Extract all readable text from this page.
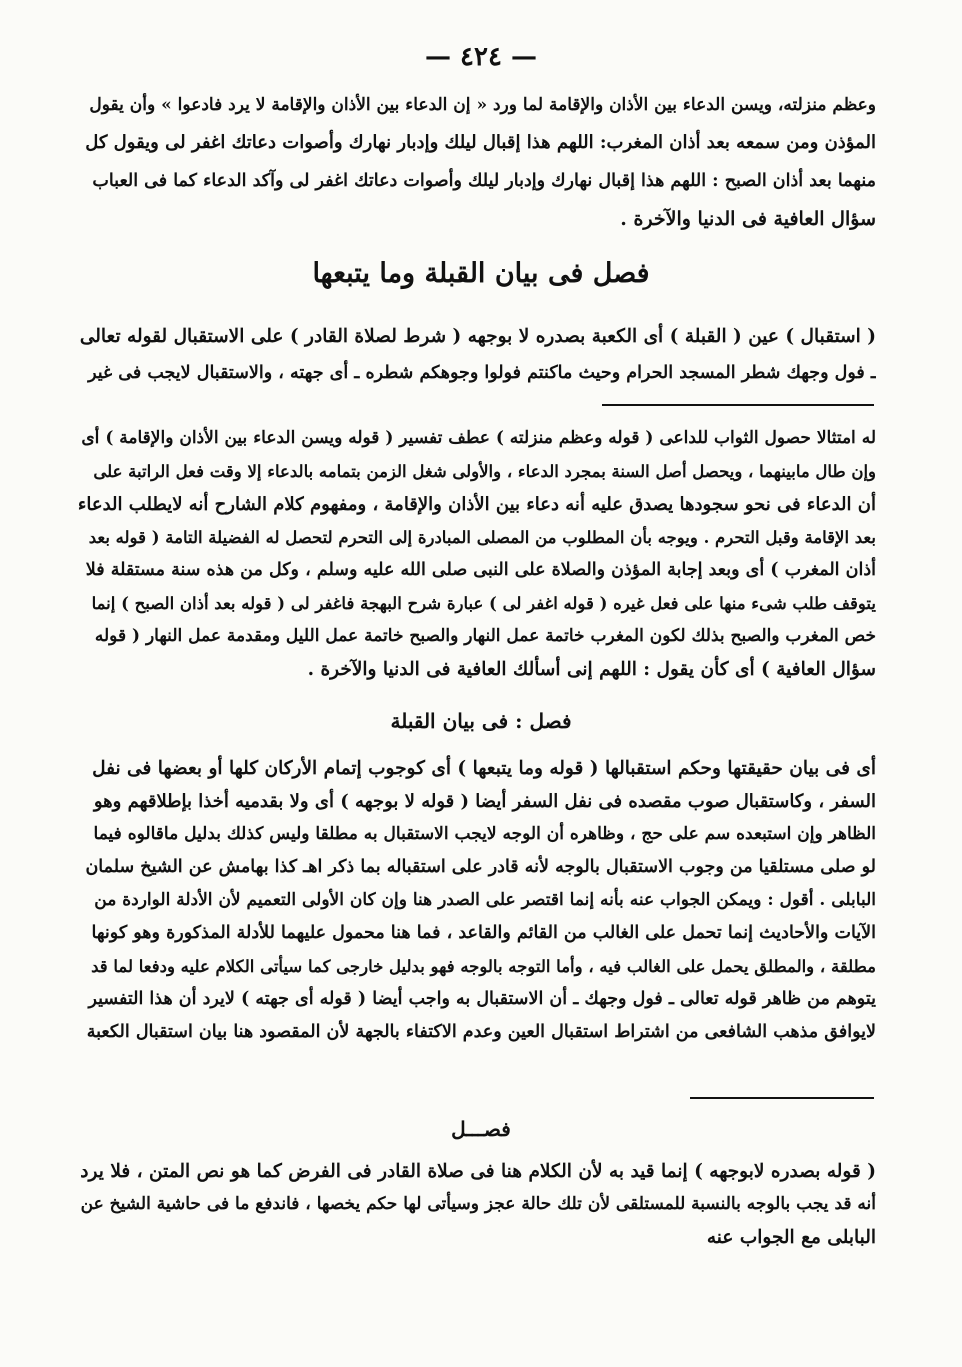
— ٤٢٤ —
وعظم منزلته، ويسن الدعاء بين الأذان والإقامة لما ورد « إن الدعاء بين الأذان والإقامة لا يرد فادعوا » وأن يقول
المؤذن ومن سمعه بعد أذان المغرب: اللهم هذا إقبال ليلك وإدبار نهارك وأصوات دعاتك اغفر لى ويقول كل
منهما بعد أذان الصبح : اللهم هذا إقبال نهارك وإدبار ليلك وأصوات دعاتك اغفر لى وآكد الدعاء كما فى العباب
سؤال العافية فى الدنيا والآخرة .
فصل فى بيان القبلة وما يتبعها
( استقبال ) عين ( القبلة ) أى الكعبة بصدره لا بوجهه ( شرط لصلاة القادر ) على الاستقبال لقوله تعالى
ـ فول وجهك شطر المسجد الحرام وحيث ماكنتم فولوا وجوهكم شطره ـ أى جهته ، والاستقبال لايجب فى غير
له امتثالا حصول الثواب للداعى ( قوله وعظم منزلته ) عطف تفسير ( قوله ويسن الدعاء بين الأذان والإقامة ) أى
وإن طال مابينهما ، ويحصل أصل السنة بمجرد الدعاء ، والأولى شغل الزمن بتمامه بالدعاء إلا وقت فعل الراتبة على
أن الدعاء فى نحو سجودها يصدق عليه أنه دعاء بين الأذان والإقامة ، ومفهوم كلام الشارح أنه لايطلب الدعاء
بعد الإقامة وقبل التحرم . ويوجه بأن المطلوب من المصلى المبادرة إلى التحرم لتحصل له الفضيلة التامة ( قوله بعد
أذان المغرب ) أى وبعد إجابة المؤذن والصلاة على النبى صلى الله عليه وسلم ، وكل من هذه سنة مستقلة فلا
يتوقف طلب شىء منها على فعل غيره ( قوله اغفر لى ) عبارة شرح البهجة فاغفر لى ( قوله بعد أذان الصبح ) إنما
خص المغرب والصبح بذلك لكون المغرب خاتمة عمل النهار والصبح خاتمة عمل الليل ومقدمة عمل النهار ( قوله
سؤال العافية ) أى كأن يقول : اللهم إنى أسألك العافية فى الدنيا والآخرة .
فصل : فى بيان القبلة
أى فى بيان حقيقتها وحكم استقبالها ( قوله وما يتبعها ) أى كوجوب إتمام الأركان كلها أو بعضها فى نفل
السفر ، وكاستقبال صوب مقصده فى نفل السفر أيضا ( قوله لا بوجهه ) أى ولا بقدميه أخذا بإطلاقهم وهو
الظاهر وإن استبعده سم على حج ، وظاهره أن الوجه لايجب الاستقبال به مطلقا وليس كذلك بدليل ماقالوه فيما
لو صلى مستلقيا من وجوب الاستقبال بالوجه لأنه قادر على استقباله بما ذكر اهـ كذا بهامش عن الشيخ سلمان
البابلى . أقول : ويمكن الجواب عنه بأنه إنما اقتصر على الصدر هنا وإن كان الأولى التعميم لأن الأدلة الواردة من
الآيات والأحاديث إنما تحمل على الغالب من القائم والقاعد ، فما هنا محمول عليهما للأدلة المذكورة وهو كونها
مطلقة ، والمطلق يحمل على الغالب فيه ، وأما التوجه بالوجه فهو بدليل خارجى كما سيأتى الكلام عليه ودفعا لما قد
يتوهم من ظاهر قوله تعالى ـ فول وجهك ـ أن الاستقبال به واجب أيضا ( قوله أى جهته ) لايرد أن هذا التفسير
لايوافق مذهب الشافعى من اشتراط استقبال العين وعدم الاكتفاء بالجهة لأن المقصود هنا بيان استقبال الكعبة
فصـــل
( قوله بصدره لابوجهه ) إنما قيد به لأن الكلام هنا فى صلاة القادر فى الفرض كما هو نص المتن ، فلا يرد
أنه قد يجب بالوجه بالنسبة للمستلقى لأن تلك حالة عجز وسيأتى لها حكم يخصها ، فاندفع ما فى حاشية الشيخ عن
البابلى مع الجواب عنه
